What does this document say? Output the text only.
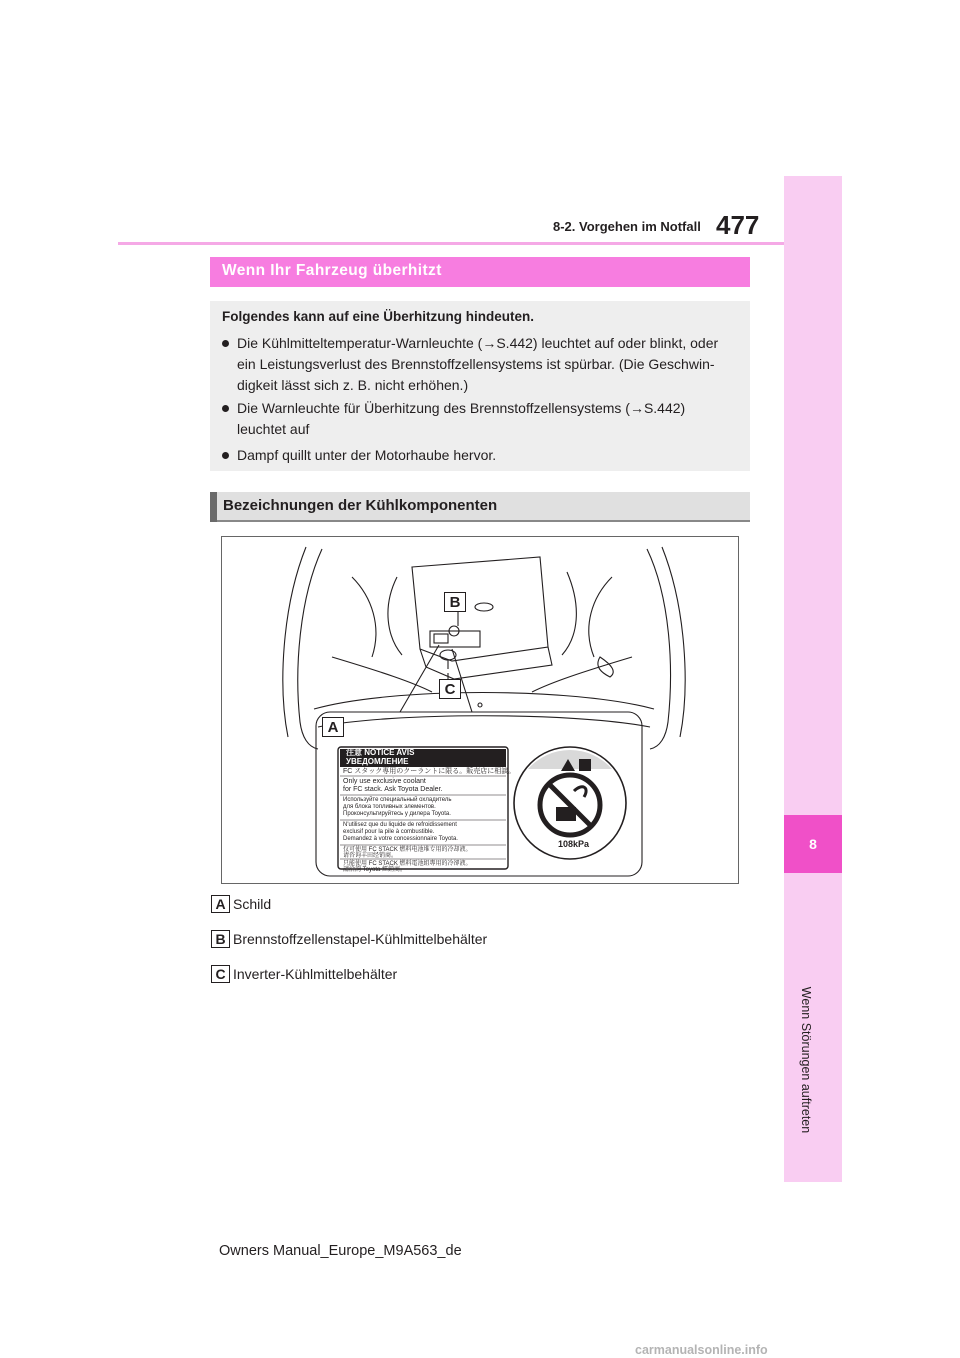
8-2. Vorgehen im Notfall 477
8
Wenn Störungen auftreten
Wenn Ihr Fahrzeug überhitzt
Folgendes kann auf eine Überhitzung hindeuten.
Die Kühlmitteltemperatur-Warnleuchte (→S.442) leuchtet auf oder blinkt, oder
ein Leistungsverlust des Brennstoffzellensystems ist spürbar. (Die Geschwin-
digkeit lässt sich z. B. nicht erhöhen.)
Die Warnleuchte für Überhitzung des Brennstoffzellensystems (→S.442)
leuchtet auf
Dampf quillt unter der Motorhaube hervor.
Bezeichnungen der Kühlkomponenten
注意 NOTICE AVIS
УВЕДОМЛЕНИЕ
FC スタック専用のクーラントに限る。販売店に相談。
Only use exclusive coolant
for FC stack. Ask Toyota Dealer.
Используйте специальный охладитель
для блока топливных элементов.
Проконсультируйтесь у дилера Toyota.
N'utilisez que du liquide de refroidissement
exclusif pour la pile à combustible.
Demandez à votre concessionnaire Toyota.
仅可使用 FC STACK 燃料电池堆专用的冷却液。
请咨询丰田经销商。
只能使用 FC STACK 燃料電池組專用的冷卻液。
請洽詢 Toyota 經銷商。
108kPa
B
C
A
A Schild
B Brennstoffzellenstapel-Kühlmittelbehälter
C Inverter-Kühlmittelbehälter
Owners Manual_Europe_M9A563_de
carmanualsonline.info
